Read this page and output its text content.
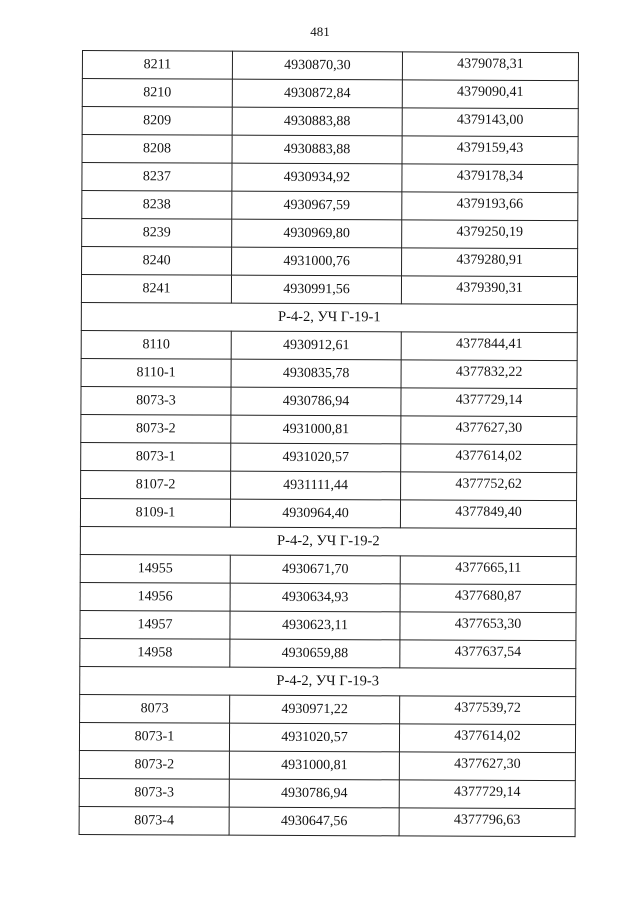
481
8211	4930870,30	4379078,31
8210	4930872,84	4379090,41
8209	4930883,88	4379143,00
8208	4930883,88	4379159,43
8237	4930934,92	4379178,34
8238	4930967,59	4379193,66
8239	4930969,80	4379250,19
8240	4931000,76	4379280,91
8241	4930991,56	4379390,31
Р-4-2, УЧ Г-19-1		
8110	4930912,61	4377844,41
8110-1	4930835,78	4377832,22
8073-3	4930786,94	4377729,14
8073-2	4931000,81	4377627,30
8073-1	4931020,57	4377614,02
8107-2	4931111,44	4377752,62
8109-1	4930964,40	4377849,40
Р-4-2, УЧ Г-19-2		
14955	4930671,70	4377665,11
14956	4930634,93	4377680,87
14957	4930623,11	4377653,30
14958	4930659,88	4377637,54
Р-4-2, УЧ Г-19-3		
8073	4930971,22	4377539,72
8073-1	4931020,57	4377614,02
8073-2	4931000,81	4377627,30
8073-3	4930786,94	4377729,14
8073-4	4930647,56	4377796,63
